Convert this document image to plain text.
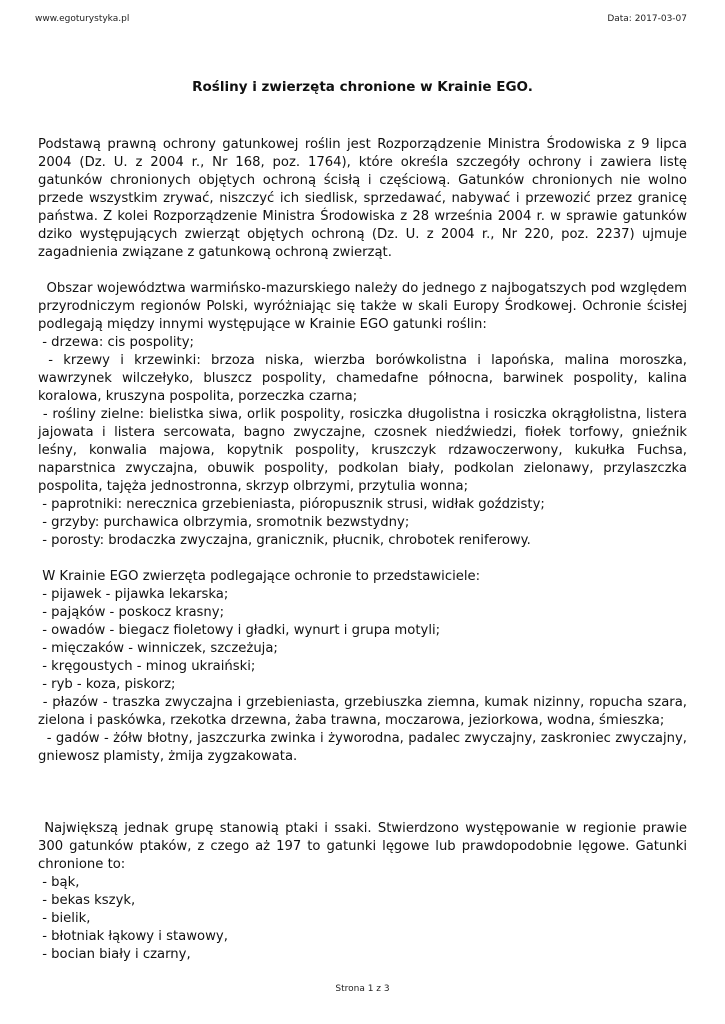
www.egoturystyka.pl	Data: 2017-03-07
Rośliny i zwierzęta chronione w Krainie EGO.

Podstawą prawną ochrony gatunkowej roślin jest Rozporządzenie Ministra Środowiska z 9 lipca 2004 (Dz. U. z 2004 r., Nr 168, poz. 1764), które określa szczegóły ochrony i zawiera listę gatunków chronionych objętych ochroną ścisłą i częściową. Gatunków chronionych nie wolno przede wszystkim zrywać, niszczyć ich siedlisk, sprzedawać, nabywać i przewozić przez granicę państwa. Z kolei Rozporządzenie Ministra Środowiska z 28 września 2004 r. w sprawie gatunków dziko występujących zwierząt objętych ochroną (Dz. U. z 2004 r., Nr 220, poz. 2237) ujmuje zagadnienia związane z gatunkową ochroną zwierząt.

Obszar województwa warmińsko-mazurskiego należy do jednego z najbogatszych pod względem przyrodniczym regionów Polski, wyróżniając się także w skali Europy Środkowej. Ochronie ścisłej podlegają między innymi występujące w Krainie EGO gatunki roślin:

- drzewa: cis pospolity;

- krzewy i krzewinki: brzoza niska, wierzba borówkolistna i lapońska, malina moroszka, wawrzynek wilczełyko, bluszcz pospolity, chamedafne północna, barwinek pospolity, kalina koralowa, kruszyna pospolita, porzeczka czarna;

- rośliny zielne: bielistka siwa, orlik pospolity, rosiczka długolistna i rosiczka okrągłolistna, listera jajowata i listera sercowata, bagno zwyczajne, czosnek niedźwiedzi, fiołek torfowy, gnieźnik leśny, konwalia majowa, kopytnik pospolity, kruszczyk rdzawoczerwony, kukułka Fuchsa, naparstnica zwyczajna, obuwik pospolity, podkolan biały, podkolan zielonawy, przylaszczka pospolita, tajęża jednostronna, skrzyp olbrzymi, przytulia wonna;

- paprotniki: nerecznica grzebieniasta, pióropusznik strusi, widłak goździsty;

- grzyby: purchawica olbrzymia, sromotnik bezwstydny;

- porosty: brodaczka zwyczajna, granicznik, płucnik, chrobotek reniferowy.

W Krainie EGO zwierzęta podlegające ochronie to przedstawiciele:

- pijawek - pijawka lekarska;

- pająków - poskocz krasny;

- owadów - biegacz fioletowy i gładki, wynurt i grupa motyli;

- mięczaków - winniczek, szczeżuja;

- kręgoustych - minog ukraiński;

- ryb - koza, piskorz;

- płazów - traszka zwyczajna i grzebieniasta, grzebiuszka ziemna, kumak nizinny, ropucha szara, zielona i paskówka, rzekotka drzewna, żaba trawna, moczarowa, jeziorkowa, wodna, śmieszka;

- gadów - żółw błotny, jaszczurka zwinka i żyworodna, padalec zwyczajny, zaskroniec zwyczajny, gniewosz plamisty, żmija zygzakowata.

Największą jednak grupę stanowią ptaki i ssaki. Stwierdzono występowanie w regionie prawie 300 gatunków ptaków, z czego aż 197 to gatunki lęgowe lub prawdopodobnie lęgowe. Gatunki chronione to:

- bąk,

- bekas kszyk,

- bielik,

- błotniak łąkowy i stawowy,

- bocian biały i czarny,

Strona 1 z 3
